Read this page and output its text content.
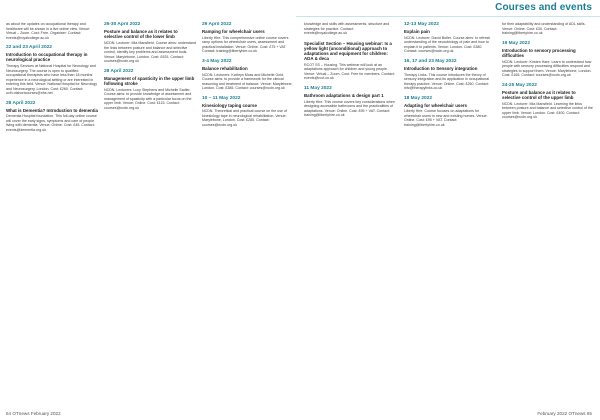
Courses and events

as about the updates on occupational therapy and healthcare will be shown in a live online view. Venue: Virtual – Zoom. Cost: Free. Organiser: Contact: events@royalcollege.ac.uk

22 and 23 April 2022

Introduction to occupational therapy in neurological practice

Therapy Services at National Hospital for Neurology and Neurosurgery. The course is open to qualified occupational therapists who have less than 18 months' experience in a neurological setting or are interested in entering this field. Venue: National Hospital for Neurology and Neurosurgery, London. Cost: £260. Contact: uclh.otshortcourses@nhs.net

28 April 2022

What is Dementia? Introduction to dementia

Dementia Hospital foundation. This full-day online course will cover the early signs, symptoms and care of people living with dementia. Venue: Online. Cost: £45. Contact: events@dementia.org.uk

26-30 April 2022

Posture and balance as it relates to selective control of the lower limb

NCDN. Lecturer: Mia Mansfield. Course aims: understand the links between posture and balance and selective control, identify key problems and assessment tools. Venue: Marylebone, London. Cost: £925. Contact: courses@ncdn.org.uk

28 April 2022

Management of spasticity in the upper limb following stroke

NCDN. Lecturers: Lucy Stephens and Michelle Sadler. Course aims: to provide knowledge of assessment and management of spasticity with a particular focus on the upper limb. Venue: Online. Cost: £115. Contact: courses@ncdn.org.uk

29 April 2022

Ramping for wheelchair users

Liberty Hire. This comprehensive online course covers ramp options for wheelchair users, assessment and practical installation. Venue: Online. Cost: £75 + VAT. Contact: training@libertyhire.co.uk

3-4 May 2022

Balance rehabilitation

NCDN. Lecturers: Kathryn Moss and Michelle Gold. Course aims: to provide a framework for the clinical reasoning and treatment of balance. Venue: Marylebone, London. Cost: £385. Contact: courses@ncdn.org.uk

10 – 11 May 2022

Kinesiology taping course

NCDN. Theoretical and practical course on the use of kinesiology tape in neurological rehabilitation. Venue: Marylebone, London. Cost: £285. Contact: courses@ncdn.org.uk

knowledge and skills with assessments, structure and strategies for practice. Contact: events@royalcollege.ac.uk

Specialist Section – Housing webinar: Is a yellow light (unconditional) approach to adaptations and equipment for children: ADA & deca

RCOT SS – Housing. This webinar will look at an adaptations approach for children and young people. Venue: Virtual – Zoom. Cost: Free for members. Contact: events@rcot.co.uk

11 May 2022

Bathroom adaptations & design part 1

Liberty Hire. This course covers key considerations when designing accessible bathrooms and the practicalities of adaptations. Venue: Online. Cost: £95 + VAT. Contact: training@libertyhire.co.uk

12-13 May 2022

Explain pain

NCDN. Lecturer: David Butler. Course aims: to refresh understanding of the neurobiology of pain and how to explain it to patients. Venue: London. Cost: £380. Contact: courses@ncdn.org.uk

16, 17 and 23 May 2022

Introduction to Sensory integration

Therapy Links. This course introduces the theory of sensory integration and its application in occupational therapy practice. Venue: Online. Cost: £260. Contact: info@therapylinks.co.uk

18 May 2022

Adapting for wheelchair users

Liberty Hire. Course focuses on adaptations for wheelchair users in new and existing homes. Venue: Online. Cost: £95 + VAT. Contact: training@libertyhire.co.uk

for their adaptability and understanding of ADL skills. Venue: Online. Cost: £30. Contact: training@libertyhire.co.uk

19 May 2022

Introduction to sensory processing difficulties

NCDN. Lecturer: Kirsten Hare. Learn to understand how people with sensory processing difficulties respond and strategies to support them. Venue: Marylebone, London. Cost: £165. Contact: courses@ncdn.org.uk

24-25 May 2022

Posture and balance as it relates to selective control of the upper limb

NCDN. Lecturer: Mia Mansfield. Learning the links between posture and balance and selective control of the upper limb. Venue: London. Cost: £400. Contact: courses@ncdn.org.uk

64 OTnews February 2022	February 2022 OTnews 65
